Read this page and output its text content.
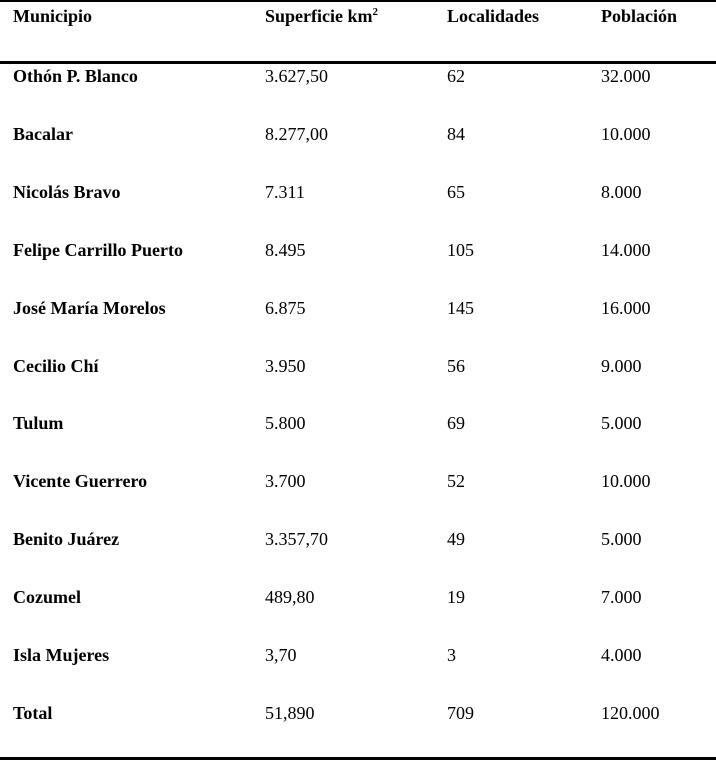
Municipio	Superficie $km^2$	Localidades	Población
Othón P. Blanco	3.627,50	62	32.000
Bacalar	8.277,00	84	10.000
Nicolás Bravo	7.311	65	8.000
Felipe Carrillo Puerto	8.495	105	14.000
José María Morelos	6.875	145	16.000
Cecilio Chí	3.950	56	9.000
Tulum	5.800	69	5.000
Vicente Guerrero	3.700	52	10.000
Benito Juárez	3.357,70	49	5.000
Cozumel	489,80	19	7.000
Isla Mujeres	3,70	3	4.000
Total	51,890	709	120.000
